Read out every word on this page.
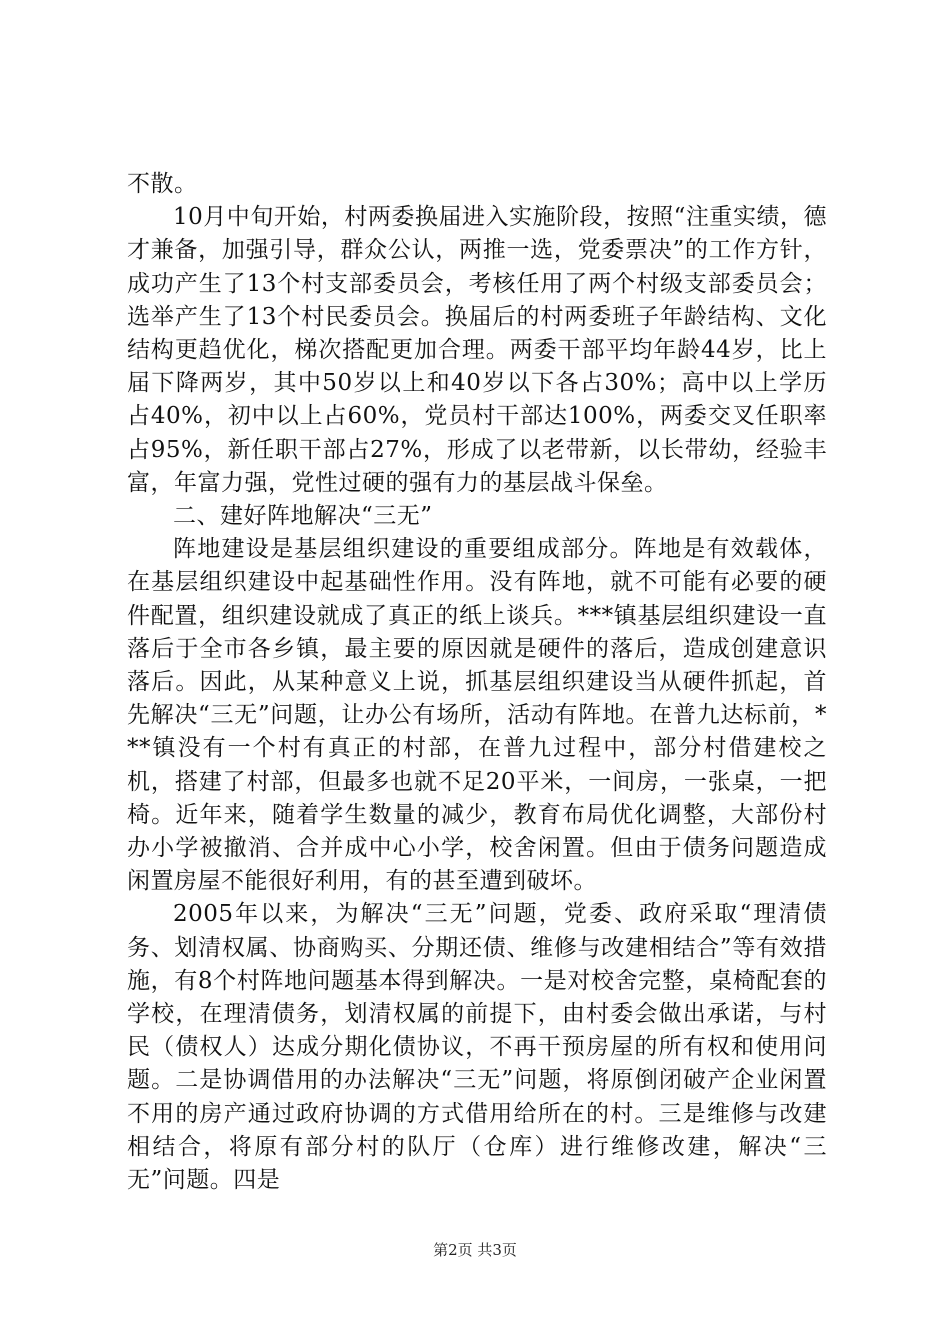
不散。

10月中旬开始，村两委换届进入实施阶段，按照“注重实绩，德才兼备，加强引导，群众公认，两推一选，党委票决”的工作方针，成功产生了13个村支部委员会，考核任用了两个村级支部委员会；选举产生了13个村民委员会。换届后的村两委班子年龄结构、文化结构更趋优化，梯次搭配更加合理。两委干部平均年龄44岁，比上届下降两岁，其中50岁以上和40岁以下各占30%；高中以上学历占40%，初中以上占60%，党员村干部达100%，两委交叉任职率占95%，新任职干部占27%，形成了以老带新，以长带幼，经验丰富，年富力强，党性过硬的强有力的基层战斗保垒。

二、建好阵地解决“三无”

阵地建设是基层组织建设的重要组成部分。阵地是有效载体，在基层组织建设中起基础性作用。没有阵地，就不可能有必要的硬件配置，组织建设就成了真正的纸上谈兵。***镇基层组织建设一直落后于全市各乡镇，最主要的原因就是硬件的落后，造成创建意识落后。因此，从某种意义上说，抓基层组织建设当从硬件抓起，首先解决“三无”问题，让办公有场所，活动有阵地。在普九达标前，***镇没有一个村有真正的村部，在普九过程中，部分村借建校之机，搭建了村部，但最多也就不足20平米，一间房，一张桌，一把椅。近年来，随着学生数量的减少，教育布局优化调整，大部份村办小学被撤消、合并成中心小学，校舍闲置。但由于债务问题造成闲置房屋不能很好利用，有的甚至遭到破坏。

2005年以来，为解决“三无”问题，党委、政府采取“理清债务、划清权属、协商购买、分期还债、维修与改建相结合”等有效措施，有8个村阵地问题基本得到解决。一是对校舍完整，桌椅配套的学校，在理清债务，划清权属的前提下，由村委会做出承诺，与村民（债权人）达成分期化债协议，不再干预房屋的所有权和使用问题。二是协调借用的办法解决“三无”问题，将原倒闭破产企业闲置不用的房产通过政府协调的方式借用给所在的村。三是维修与改建相结合，将原有部分村的队厅（仓库）进行维修改建，解决“三无”问题。四是

第2页 共3页
